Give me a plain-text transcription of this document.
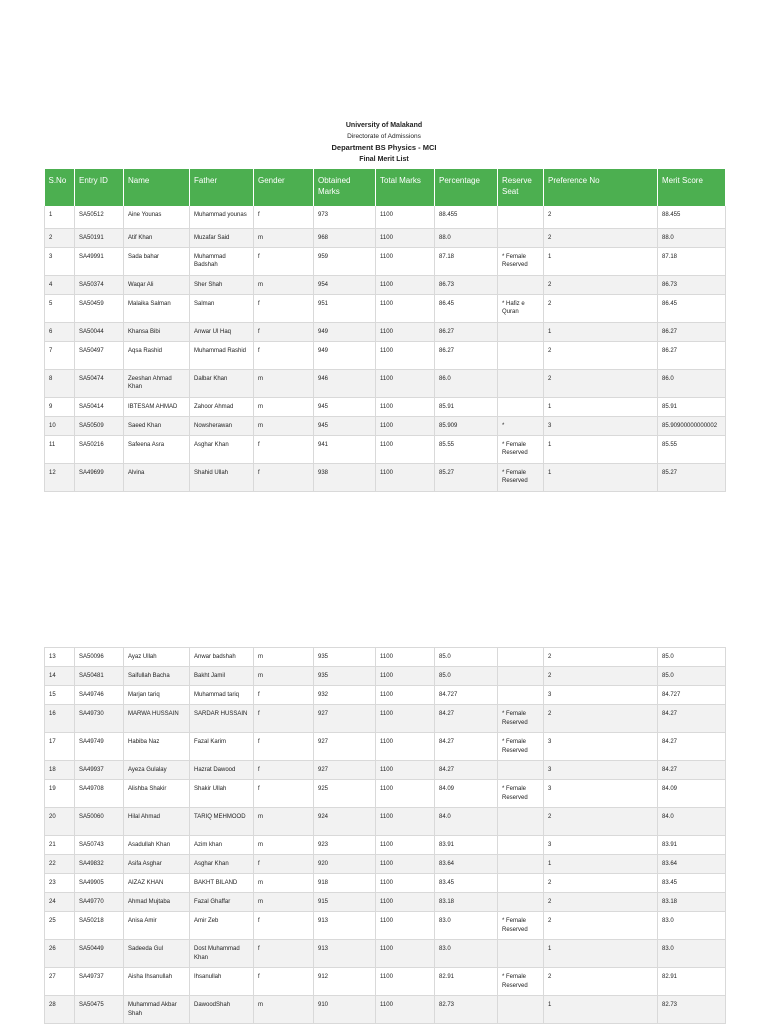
University of Malakand
Directorate of Admissions
Department BS Physics - MCI
Final Merit List
S.No	Entry ID	Name	Father	Gender	Obtained Marks	Total Marks	Percentage	Reserve Seat	Preference No	Merit Score
1	SA50512	Aine Younas	Muhammad younas	f	973	1100	88.455		2	88.455
2	SA50191	Atif Khan	Muzafar Said	m	968	1100	88.0		2	88.0
3	SA49991	Sada bahar	Muhammad Badshah	f	959	1100	87.18	* Female Reserved	1	87.18
4	SA50374	Waqar Ali	Sher Shah	m	954	1100	86.73		2	86.73
5	SA50459	Malaika Salman	Salman	f	951	1100	86.45	* Hafiz e Quran	2	86.45
6	SA50044	Khansa Bibi	Anwar Ul Haq	f	949	1100	86.27		1	86.27
7	SA50497	Aqsa Rashid	Muhammad Rashid	f	949	1100	86.27		2	86.27
8	SA50474	Zeeshan Ahmad Khan	Dalbar Khan	m	946	1100	86.0		2	86.0
9	SA50414	IBTESAM AHMAD	Zahoor Ahmad	m	945	1100	85.91		1	85.91
10	SA50509	Saeed Khan	Nowsherawan	m	945	1100	85.909	*	3	85.90900000000002
11	SA50216	Safeena Asra	Asghar Khan	f	941	1100	85.55	* Female Reserved	1	85.55
12	SA49699	Alvina	Shahid Ullah	f	938	1100	85.27	* Female Reserved	1	85.27
13	SA50096	Ayaz Ullah	Anwar badshah	m	935	1100	85.0		2	85.0
14	SA50481	Saifullah Bacha	Bakht Jamil	m	935	1100	85.0		2	85.0
15	SA49746	Marjan tariq	Muhammad tariq	f	932	1100	84.727		3	84.727
16	SA49730	MARWA HUSSAIN	SARDAR HUSSAIN	f	927	1100	84.27	* Female Reserved	2	84.27
17	SA49749	Habiba Naz	Fazal Karim	f	927	1100	84.27	* Female Reserved	3	84.27
18	SA49937	Ayeza Gulalay	Hazrat Dawood	f	927	1100	84.27		3	84.27
19	SA49708	Alishba Shakir	Shakir Ullah	f	925	1100	84.09	* Female Reserved	3	84.09
20	SA50060	Hilal Ahmad	TARIQ MEHMOOD	m	924	1100	84.0		2	84.0
21	SA50743	Asadullah Khan	Azim khan	m	923	1100	83.91		3	83.91
22	SA49832	Asifa Asghar	Asghar Khan	f	920	1100	83.64		1	83.64
23	SA49905	AIZAZ KHAN	BAKHT BILAND	m	918	1100	83.45		2	83.45
24	SA49770	Ahmad Mujtaba	Fazal Ghaffar	m	915	1100	83.18		2	83.18
25	SA50218	Anisa Amir	Amir Zeb	f	913	1100	83.0	* Female Reserved	2	83.0
26	SA50449	Sadeeda Gul	Dost Muhammad Khan	f	913	1100	83.0		1	83.0
27	SA49737	Aisha Ihsanullah	Ihsanullah	f	912	1100	82.91	* Female Reserved	2	82.91
28	SA50475	Muhammad Akbar Shah	DawoodShah	m	910	1100	82.73		1	82.73
